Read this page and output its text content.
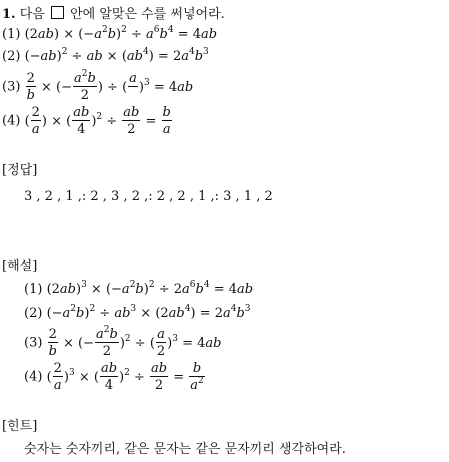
1. 다음 안에 알맞은 수를 써넣어라.
(1) $(2ab) \times (-a^2b)^2 \div a^6b^4 = 4ab$
(2) $(-ab)^2$ ÷ ab × $(ab^4) = 2a^4b^3$
$(3) \frac{2}{b}$ × (− $\frac{a^2b}{2}$ ) ÷ (
a

)$^3$ = 4ab
(4) ( $\frac{2}{a}$ ) × ( $\frac{ab}{4} )^2 \div \frac{ab}{2} = \frac{b}{a}$
[정답]
3 , 2 , 1 ,: 2 , 3 , 2 ,: 2 , 2 , 1 ,: 3 , 1 , 2
[해설]
(1) $(2ab)^3 \times (-a^2b)^2 \div 2a^6b^4 = 4ab$
(2) $(-a^2b)^2 \div ab^3 \times (2ab^4) = 2a^4b^3$
$(3) \frac{2}{b}$ × (− $\frac{a^2b}{2} )^2$ ÷ ( $\frac{a}{2} )^3 = 4ab$
(4) ( $\frac{2}{a} )^3$ × ( $\frac{ab}{4} )^2 \div \frac{ab}{2} = \frac{b}{a^2}$
[힌트]
숫자는 숫자끼리, 같은 문자는 같은 문자끼리 생각하여라.
